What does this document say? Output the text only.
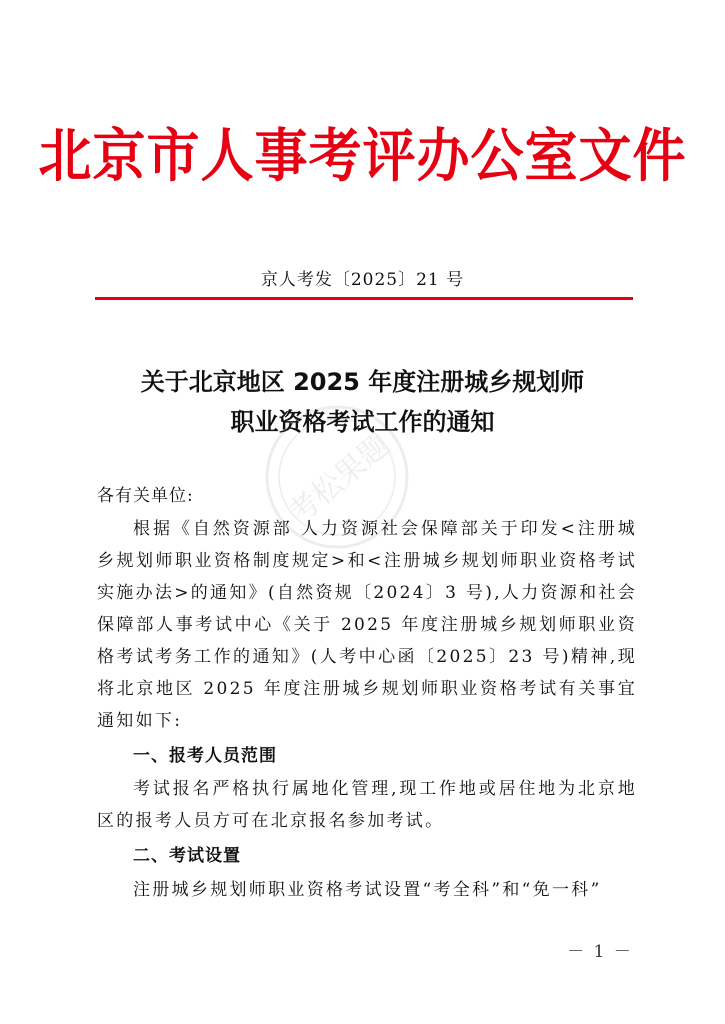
北京市人事考评办公室文件
京人考发〔2025〕21 号
关于北京地区 2025 年度注册城乡规划师
职业资格考试工作的通知
考松果题
各有关单位:
根据《自然资源部 人力资源社会保障部关于印发<注册城乡规划师职业资格制度规定>和<注册城乡规划师职业资格考试实施办法>的通知》(自然资规〔2024〕3 号),人力资源和社会保障部人事考试中心《关于 2025 年度注册城乡规划师职业资格考试考务工作的通知》(人考中心函〔2025〕23 号)精神,现将北京地区 2025 年度注册城乡规划师职业资格考试有关事宜通知如下:
一、报考人员范围
考试报名严格执行属地化管理,现工作地或居住地为北京地区的报考人员方可在北京报名参加考试。
二、考试设置
注册城乡规划师职业资格考试设置“考全科”和“免一科”
－ 1 －
